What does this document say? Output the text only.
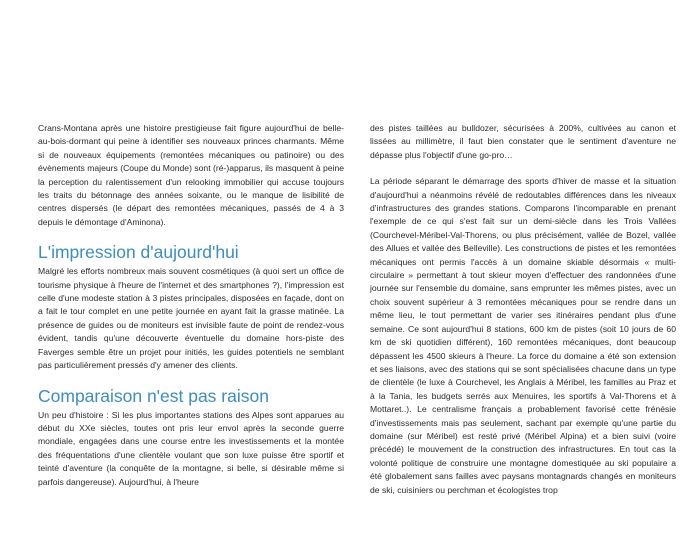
Crans-Montana après une histoire prestigieuse fait figure aujourd'hui de belle-au-bois-dormant qui peine à identifier ses nouveaux princes charmants. Même si de nouveaux équipements (remontées mécaniques ou patinoire) ou des évènements majeurs (Coupe du Monde) sont (ré-)apparus, ils masquent à peine la perception du ralentissement d'un relooking immobilier qui accuse toujours les traits du bétonnage des années soixante, ou le manque de lisibilité de centres dispersés (le départ des remontées mécaniques, passés de 4 à 3 depuis le démontage d'Aminona).

L'impression d'aujourd'hui

Malgré les efforts nombreux mais souvent cosmétiques (à quoi sert un office de tourisme physique à l'heure de l'internet et des smartphones ?), l'impression est celle d'une modeste station à 3 pistes principales, disposées en façade, dont on a fait le tour complet en une petite journée en ayant fait la grasse matinée. La présence de guides ou de moniteurs est invisible faute de point de rendez-vous évident, tandis qu'une découverte éventuelle du domaine hors-piste des Faverges semble être un projet pour initiés, les guides potentiels ne semblant pas particulièrement pressés d'y amener des clients.

Comparaison n'est pas raison

Un peu d'histoire : Si les plus importantes stations des Alpes sont apparues au début du XXe siècles, toutes ont pris leur envol après la seconde guerre mondiale, engagées dans une course entre les investissements et la montée des fréquentations d'une clientèle voulant que son luxe puisse être sportif et teinté d'aventure (la conquête de la montagne, si belle, si désirable même si parfois dangereuse). Aujourd'hui, à l'heure

des pistes taillées au bulldozer, sécurisées à 200%, cultivées au canon et lissées au millimètre, il faut bien constater que le sentiment d'aventure ne dépasse plus l'objectif d'une go-pro…

La période séparant le démarrage des sports d'hiver de masse et la situation d'aujourd'hui a néanmoins révélé de redoutables différences dans les niveaux d'infrastructures des grandes stations. Comparons l'incomparable en prenant l'exemple de ce qui s'est fait sur un demi-siècle dans les Trois Vallées (Courchevel-Méribel-Val-Thorens, ou plus précisément, vallée de Bozel, vallée des Allues et vallée des Belleville). Les constructions de pistes et les remontées mécaniques ont permis l'accès à un domaine skiable désormais « multi-circulaire » permettant à tout skieur moyen d'effectuer des randonnées d'une journée sur l'ensemble du domaine, sans emprunter les mêmes pistes, avec un choix souvent supérieur à 3 remontées mécaniques pour se rendre dans un même lieu, le tout permettant de varier ses itinéraires pendant plus d'une semaine. Ce sont aujourd'hui 8 stations, 600 km de pistes (soit 10 jours de 60 km de ski quotidien différent), 160 remontées mécaniques, dont beaucoup dépassent les 4500 skieurs à l'heure. La force du domaine a été son extension et ses liaisons, avec des stations qui se sont spécialisées chacune dans un type de clientèle (le luxe à Courchevel, les Anglais à Méribel, les familles au Praz et à la Tania, les budgets serrés aux Menuires, les sportifs à Val-Thorens et à Mottaret..). Le centralisme français a probablement favorisé cette frénésie d'investissements mais pas seulement, sachant par exemple qu'une partie du domaine (sur Méribel) est resté privé (Méribel Alpina) et a bien suivi (voire précédé) le mouvement de la construction des infrastructures. En tout cas la volonté politique de construire une montagne domestiquée au ski populaire a été globalement sans failles avec paysans montagnards changés en moniteurs de ski, cuisiniers ou perchman et écologistes trop
